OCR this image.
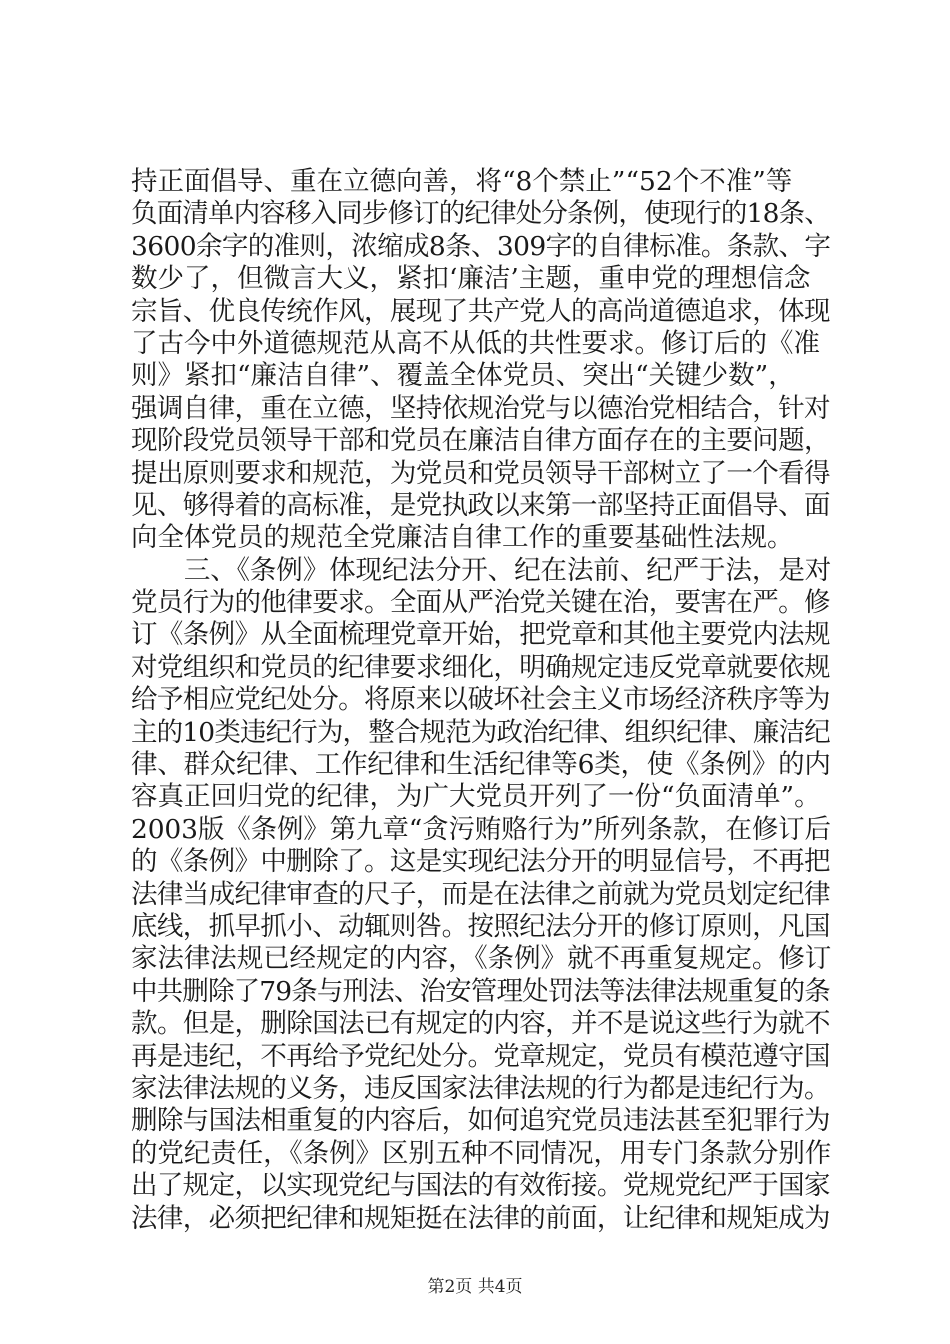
持正面倡导、重在立德向善，将“8个禁止”“52个不准”等
负面清单内容移入同步修订的纪律处分条例，使现行的18条、
3600余字的准则，浓缩成8条、309字的自律标准。条款、字
数少了，但微言大义，紧扣‘廉洁’主题，重申党的理想信念
宗旨、优良传统作风，展现了共产党人的高尚道德追求，体现
了古今中外道德规范从高不从低的共性要求。修订后的《准
则》紧扣“廉洁自律”、覆盖全体党员、突出“关键少数”，
强调自律，重在立德，坚持依规治党与以德治党相结合，针对
现阶段党员领导干部和党员在廉洁自律方面存在的主要问题，
提出原则要求和规范，为党员和党员领导干部树立了一个看得
见、够得着的高标准，是党执政以来第一部坚持正面倡导、面
向全体党员的规范全党廉洁自律工作的重要基础性法规。
　　三、《条例》体现纪法分开、纪在法前、纪严于法，是对
党员行为的他律要求。全面从严治党关键在治，要害在严。修
订《条例》从全面梳理党章开始，把党章和其他主要党内法规
对党组织和党员的纪律要求细化，明确规定违反党章就要依规
给予相应党纪处分。将原来以破坏社会主义市场经济秩序等为
主的10类违纪行为，整合规范为政治纪律、组织纪律、廉洁纪
律、群众纪律、工作纪律和生活纪律等6类，使《条例》的内
容真正回归党的纪律，为广大党员开列了一份“负面清单”。
2003版《条例》第九章“贪污贿赂行为”所列条款，在修订后
的《条例》中删除了。这是实现纪法分开的明显信号，不再把
法律当成纪律审查的尺子，而是在法律之前就为党员划定纪律
底线，抓早抓小、动辄则咎。按照纪法分开的修订原则，凡国
家法律法规已经规定的内容，《条例》就不再重复规定。修订
中共删除了79条与刑法、治安管理处罚法等法律法规重复的条
款。但是，删除国法已有规定的内容，并不是说这些行为就不
再是违纪，不再给予党纪处分。党章规定，党员有模范遵守国
家法律法规的义务，违反国家法律法规的行为都是违纪行为。
删除与国法相重复的内容后，如何追究党员违法甚至犯罪行为
的党纪责任，《条例》区别五种不同情况，用专门条款分别作
出了规定，以实现党纪与国法的有效衔接。党规党纪严于国家
法律，必须把纪律和规矩挺在法律的前面，让纪律和规矩成为
第2页 共4页
